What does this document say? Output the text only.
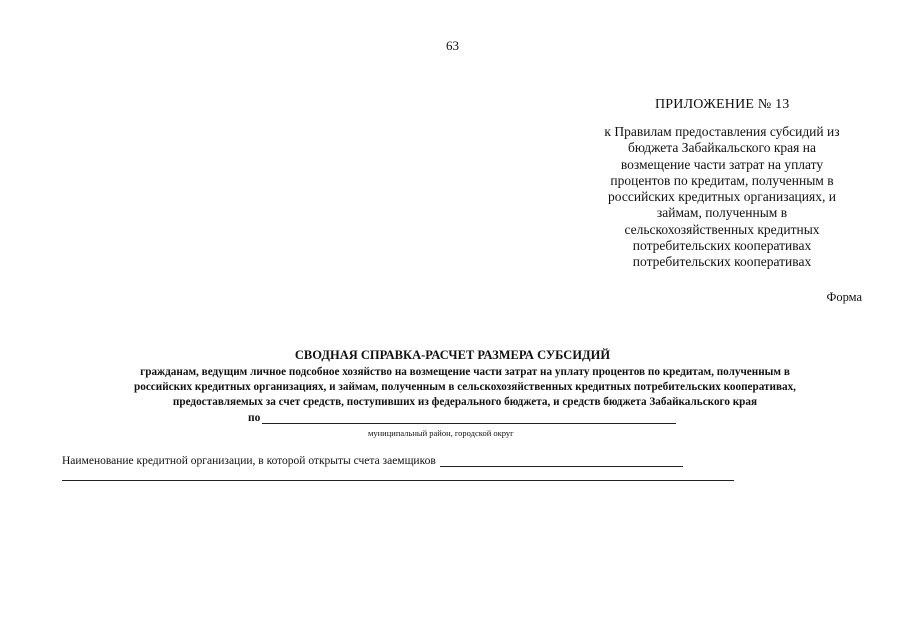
63
ПРИЛОЖЕНИЕ № 13
к Правилам предоставления субсидий из
бюджета Забайкальского края на
возмещение части затрат на уплату
процентов по кредитам, полученным в
российских кредитных организациях, и
займам, полученным в
сельскохозяйственных кредитных
потребительских кооперативах
потребительских кооперативах
Форма
СВОДНАЯ СПРАВКА-РАСЧЕТ РАЗМЕРА СУБСИДИЙ
гражданам, ведущим личное подсобное хозяйство на возмещение части затрат на уплату процентов по кредитам, полученным в
российских кредитных организациях, и займам, полученным в сельскохозяйственных кредитных потребительских кооперативах,
предоставляемых за счет средств, поступивших из федерального бюджета, и средств бюджета Забайкальского края
по
муниципальный район, городской округ
Наименование кредитной организации, в которой открыты счета заемщиков
